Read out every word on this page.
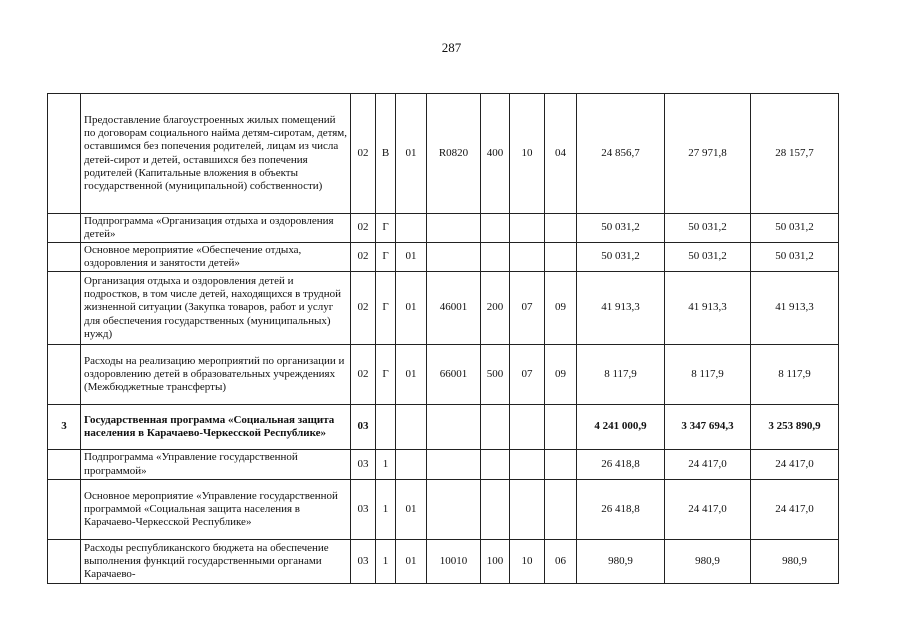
287
	Предоставление благоустроенных жилых помещений по договорам социального найма детям-сиротам, детям, оставшимся без попечения родителей, лицам из числа детей-сирот и детей, оставшихся без попечения родителей (Капитальные вложения в объекты государственной (муниципальной) собственности)	02	В	01	R0820	400	10	04	24 856,7	27 971,8	28 157,7
	Подпрограмма «Организация отдыха и оздоровления детей»	02	Г						50 031,2	50 031,2	50 031,2
	Основное мероприятие «Обеспечение отдыха, оздоровления и занятости детей»	02	Г	01					50 031,2	50 031,2	50 031,2
	Организация отдыха и оздоровления детей и подростков, в том числе детей, находящихся в трудной жизненной ситуации (Закупка товаров, работ и услуг для обеспечения государственных (муниципальных) нужд)	02	Г	01	46001	200	07	09	41 913,3	41 913,3	41 913,3
	Расходы на реализацию мероприятий по организации и оздоровлению детей в образовательных учреждениях (Межбюджетные трансферты)	02	Г	01	66001	500	07	09	8 117,9	8 117,9	8 117,9
3	Государственная программа «Социальная защита населения в Карачаево-Черкесской Республике»	03							4 241 000,9	3 347 694,3	3 253 890,9
	Подпрограмма «Управление государственной программой»	03	1						26 418,8	24 417,0	24 417,0
	Основное мероприятие «Управление государственной программой «Социальная защита населения в Карачаево-Черкесской Республике»	03	1	01					26 418,8	24 417,0	24 417,0
	Расходы республиканского бюджета на обеспечение выполнения функций государственными органами Карачаево-	03	1	01	10010	100	10	06	980,9	980,9	980,9
